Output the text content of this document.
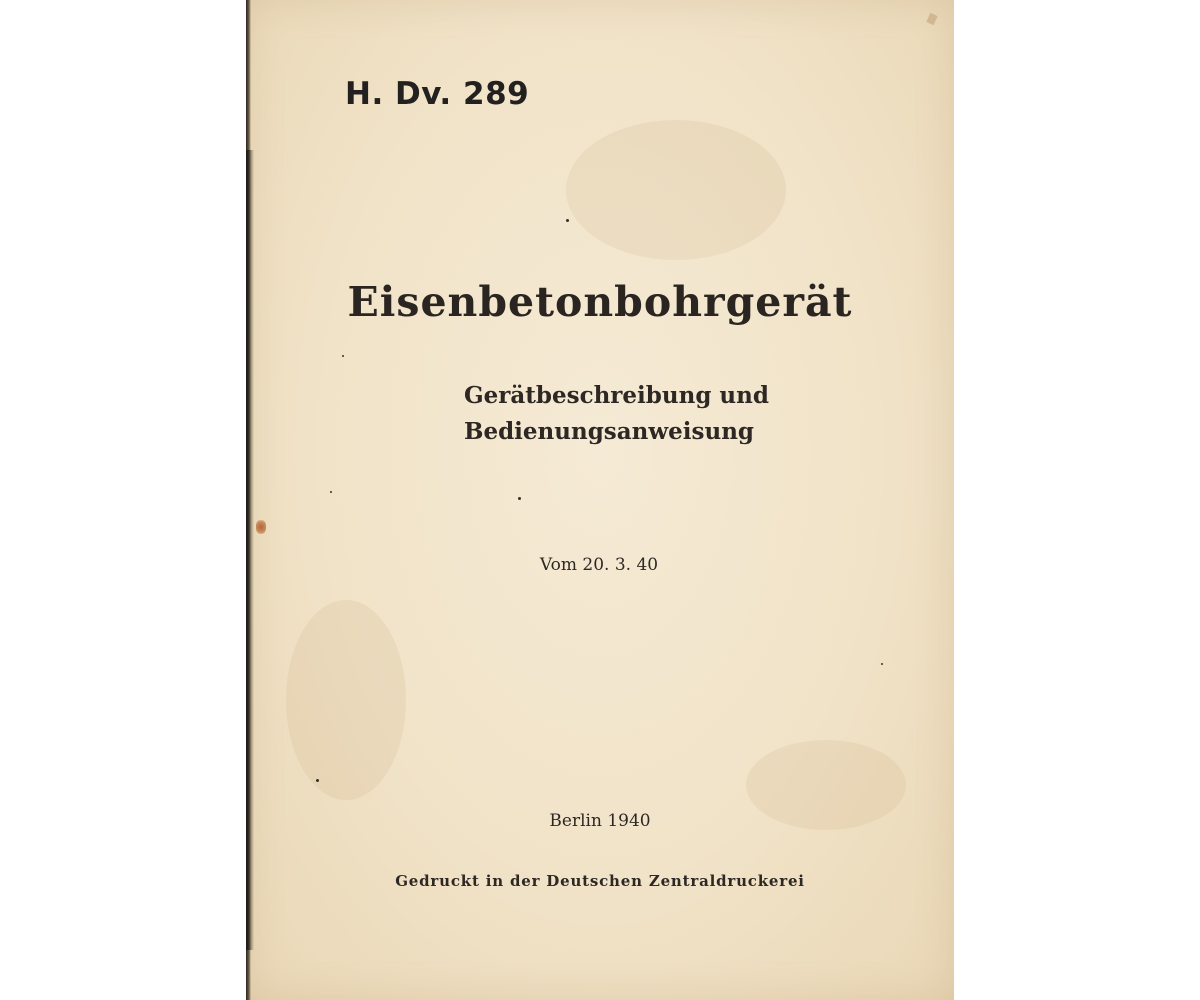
H. Dv. 289
Eisenbetonbohrgerät
Gerätbeschreibung und
Bedienungsanweisung
Vom 20. 3. 40
Berlin 1940
Gedruckt in der Deutschen Zentraldruckerei
